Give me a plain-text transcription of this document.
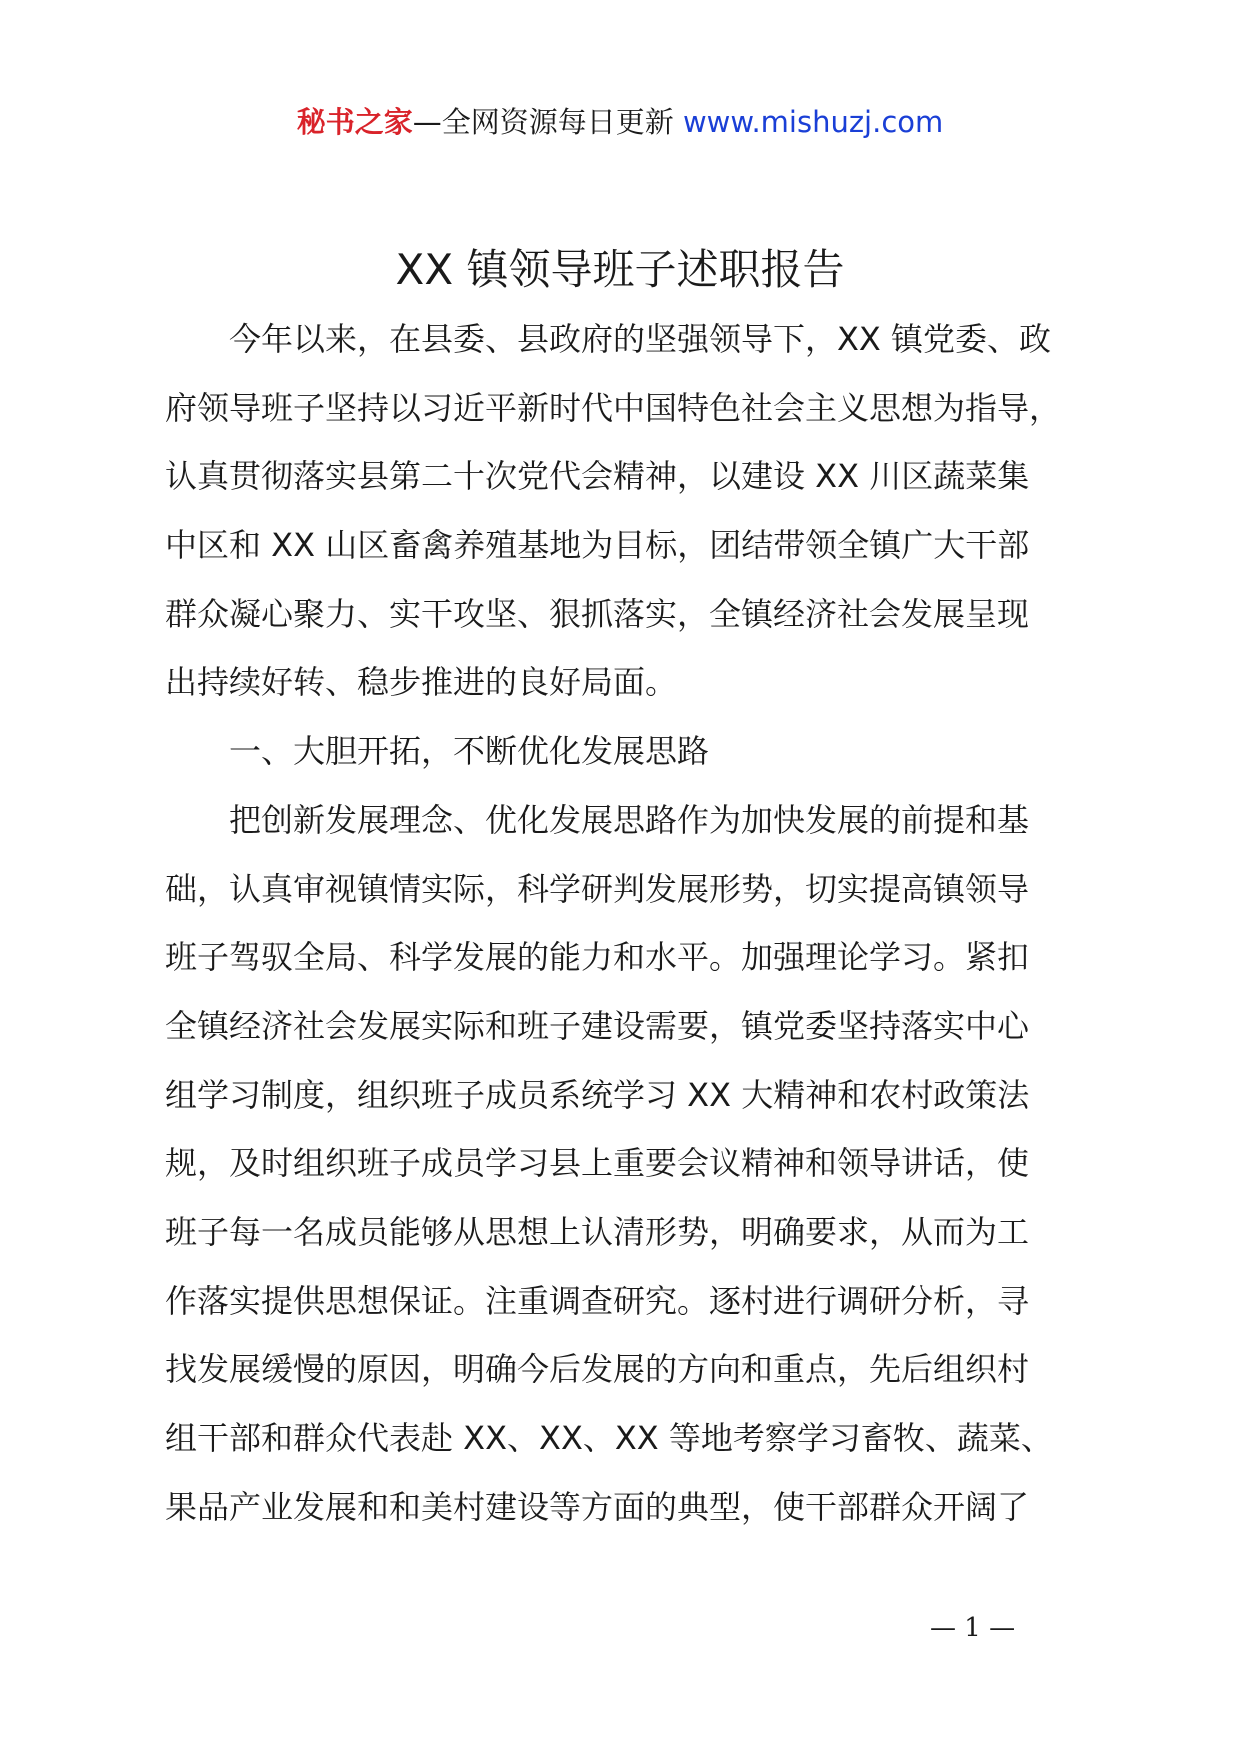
秘书之家—全网资源每日更新 www.mishuzj.com
XX 镇领导班子述职报告
今年以来，在县委、县政府的坚强领导下，XX 镇党委、政
府领导班子坚持以习近平新时代中国特色社会主义思想为指导，
认真贯彻落实县第二十次党代会精神，以建设 XX 川区蔬菜集
中区和 XX 山区畜禽养殖基地为目标，团结带领全镇广大干部
群众凝心聚力、实干攻坚、狠抓落实，全镇经济社会发展呈现
出持续好转、稳步推进的良好局面。
一、大胆开拓，不断优化发展思路
把创新发展理念、优化发展思路作为加快发展的前提和基
础，认真审视镇情实际，科学研判发展形势，切实提高镇领导
班子驾驭全局、科学发展的能力和水平。加强理论学习。紧扣
全镇经济社会发展实际和班子建设需要，镇党委坚持落实中心
组学习制度，组织班子成员系统学习 XX 大精神和农村政策法
规，及时组织班子成员学习县上重要会议精神和领导讲话，使
班子每一名成员能够从思想上认清形势，明确要求，从而为工
作落实提供思想保证。注重调查研究。逐村进行调研分析，寻
找发展缓慢的原因，明确今后发展的方向和重点，先后组织村
组干部和群众代表赴 XX、XX、XX 等地考察学习畜牧、蔬菜、
果品产业发展和和美村建设等方面的典型，使干部群众开阔了
— 1 —
